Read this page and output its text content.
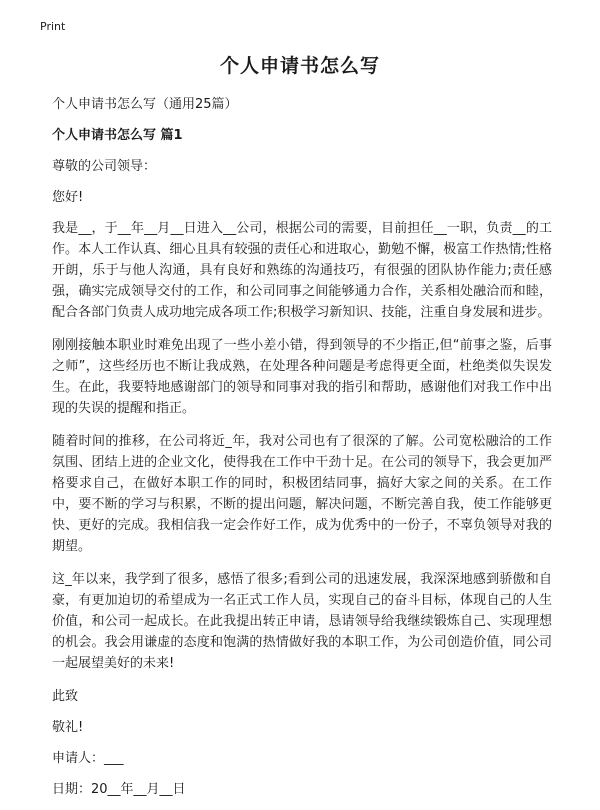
Print
个人申请书怎么写

个人申请书怎么写（通用25篇）

个人申请书怎么写 篇1

尊敬的公司领导：

您好!

我是__，于__年__月__日进入__公司，根据公司的需要，目前担任__一职，负责__的工作。本人工作认真、细心且具有较强的责任心和进取心，勤勉不懈，极富工作热情;性格开朗，乐于与他人沟通，具有良好和熟练的沟通技巧，有很强的团队协作能力;责任感强，确实完成领导交付的工作，和公司同事之间能够通力合作，关系相处融洽而和睦，配合各部门负责人成功地完成各项工作;积极学习新知识、技能，注重自身发展和进步。

刚刚接触本职业时难免出现了一些小差小错，得到领导的不少指正,但“前事之鉴，后事之师”，这些经历也不断让我成熟，在处理各种问题是考虑得更全面，杜绝类似失误发生。在此，我要特地感谢部门的领导和同事对我的指引和帮助，感谢他们对我工作中出现的失误的提醒和指正。

随着时间的推移，在公司将近_年，我对公司也有了很深的了解。公司宽松融洽的工作氛围、团结上进的企业文化，使得我在工作中干劲十足。在公司的领导下，我会更加严格要求自己，在做好本职工作的同时，积极团结同事，搞好大家之间的关系。在工作中，要不断的学习与积累，不断的提出问题，解决问题，不断完善自我，使工作能够更快、更好的完成。我相信我一定会作好工作，成为优秀中的一份子，不辜负领导对我的期望。

这_年以来，我学到了很多，感悟了很多;看到公司的迅速发展，我深深地感到骄傲和自豪，有更加迫切的希望成为一名正式工作人员，实现自己的奋斗目标，体现自己的人生价值，和公司一起成长。在此我提出转正申请，恳请领导给我继续锻炼自己、实现理想的机会。我会用谦虚的态度和饱满的热情做好我的本职工作，为公司创造价值，同公司一起展望美好的未来!

此致

敬礼!

申请人：___

日期：20__年__月__日
